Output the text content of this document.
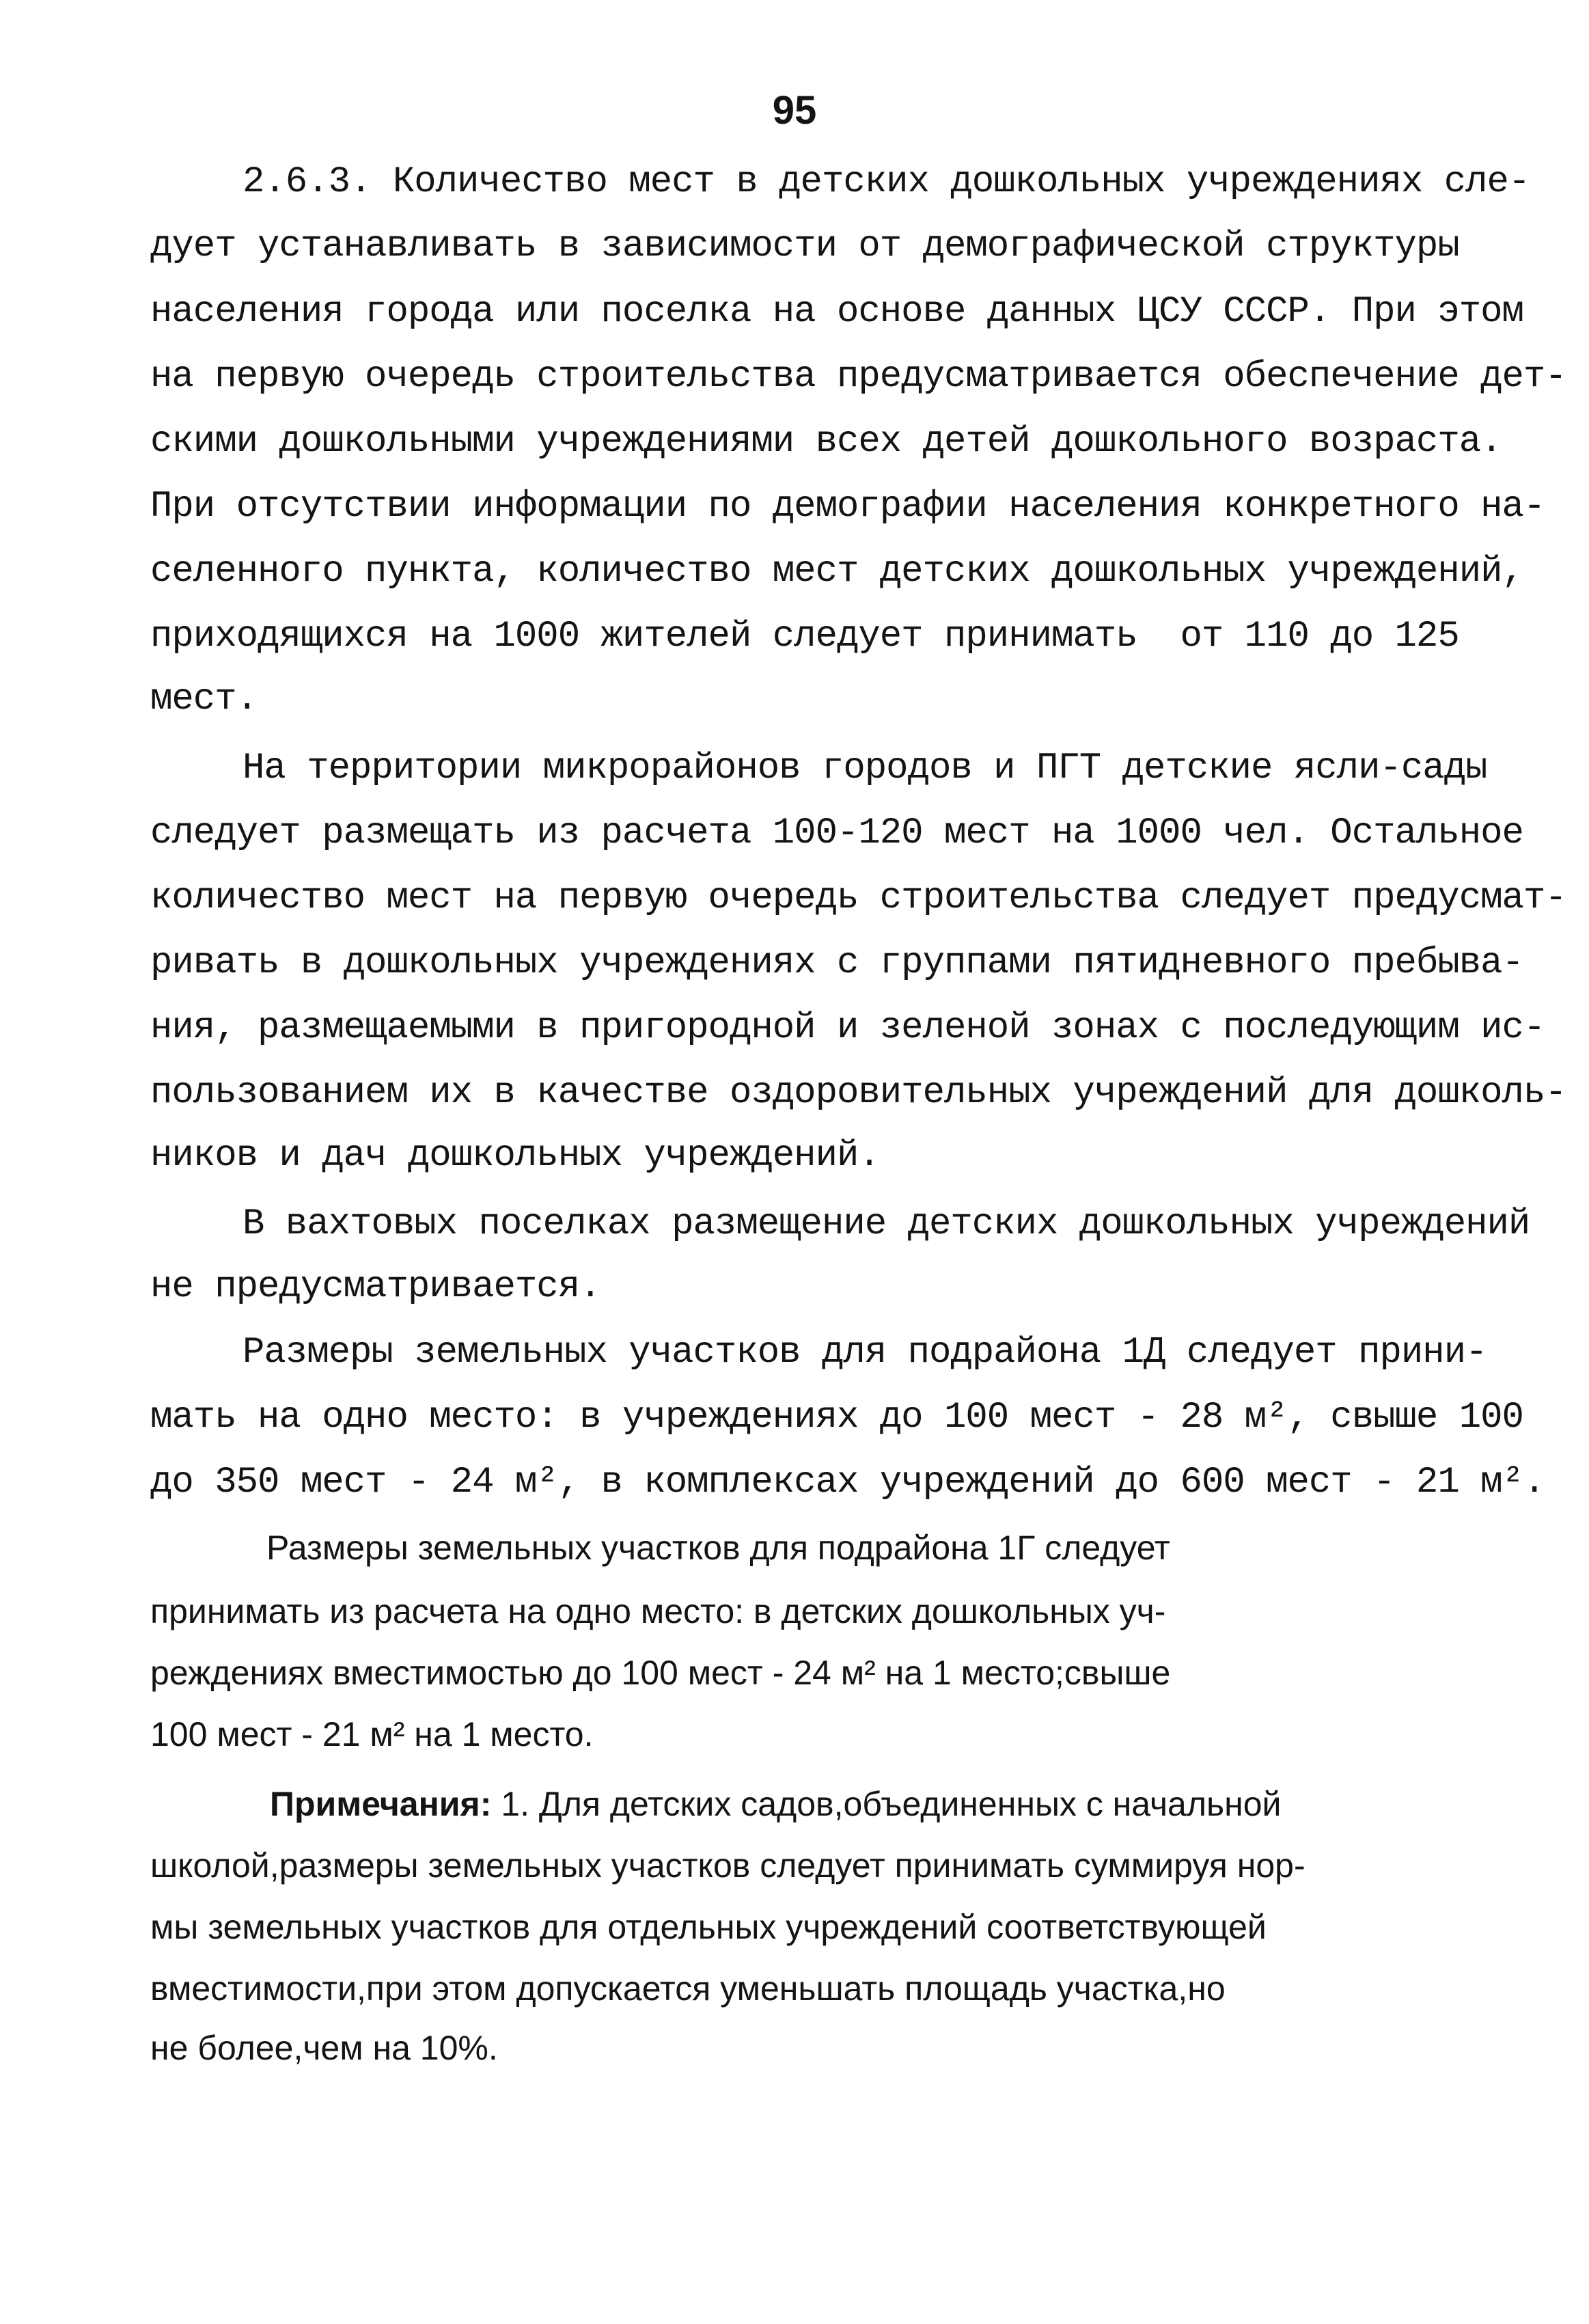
95
2.6.3. Количество мест в детских дошкольных учреждениях сле-
дует устанавливать в зависимости от демографической структуры
населения города или поселка на основе данных ЦСУ СССР. При этом
на первую очередь строительства предусматривается обеспечение дет-
скими дошкольными учреждениями всех детей дошкольного возраста.
При отсутствии информации по демографии населения конкретного на-
селенного пункта, количество мест детских дошкольных учреждений,
приходящихся на 1000 жителей следует принимать  от 110 до 125
мест.
На территории микрорайонов городов и ПГТ детские ясли-сады
следует размещать из расчета 100-120 мест на 1000 чел. Остальное
количество мест на первую очередь строительства следует предусмат-
ривать в дошкольных учреждениях с группами пятидневного пребыва-
ния, размещаемыми в пригородной и зеленой зонах с последующим ис-
пользованием их в качестве оздоровительных учреждений для дошколь-
ников и дач дошкольных учреждений.
В вахтовых поселках размещение детских дошкольных учреждений
не предусматривается.
Размеры земельных участков для подрайона 1Д следует прини-
мать на одно место: в учреждениях до 100 мест - 28 м², свыше 100
до 350 мест - 24 м², в комплексах учреждений до 600 мест - 21 м².
Размеры земельных участков для подрайона 1Г следует
принимать из расчета на одно место: в детских дошкольных уч-
реждениях вместимостью до 100 мест - 24 м² на 1 место;свыше
100 мест - 21 м² на 1 место.
Примечания: 1. Для детских садов,объединенных с начальной
школой,размеры земельных участков следует принимать суммируя нор-
мы земельных участков для отдельных учреждений соответствующей
вместимости,при этом допускается уменьшать площадь участка,но
не более,чем на 10%.
